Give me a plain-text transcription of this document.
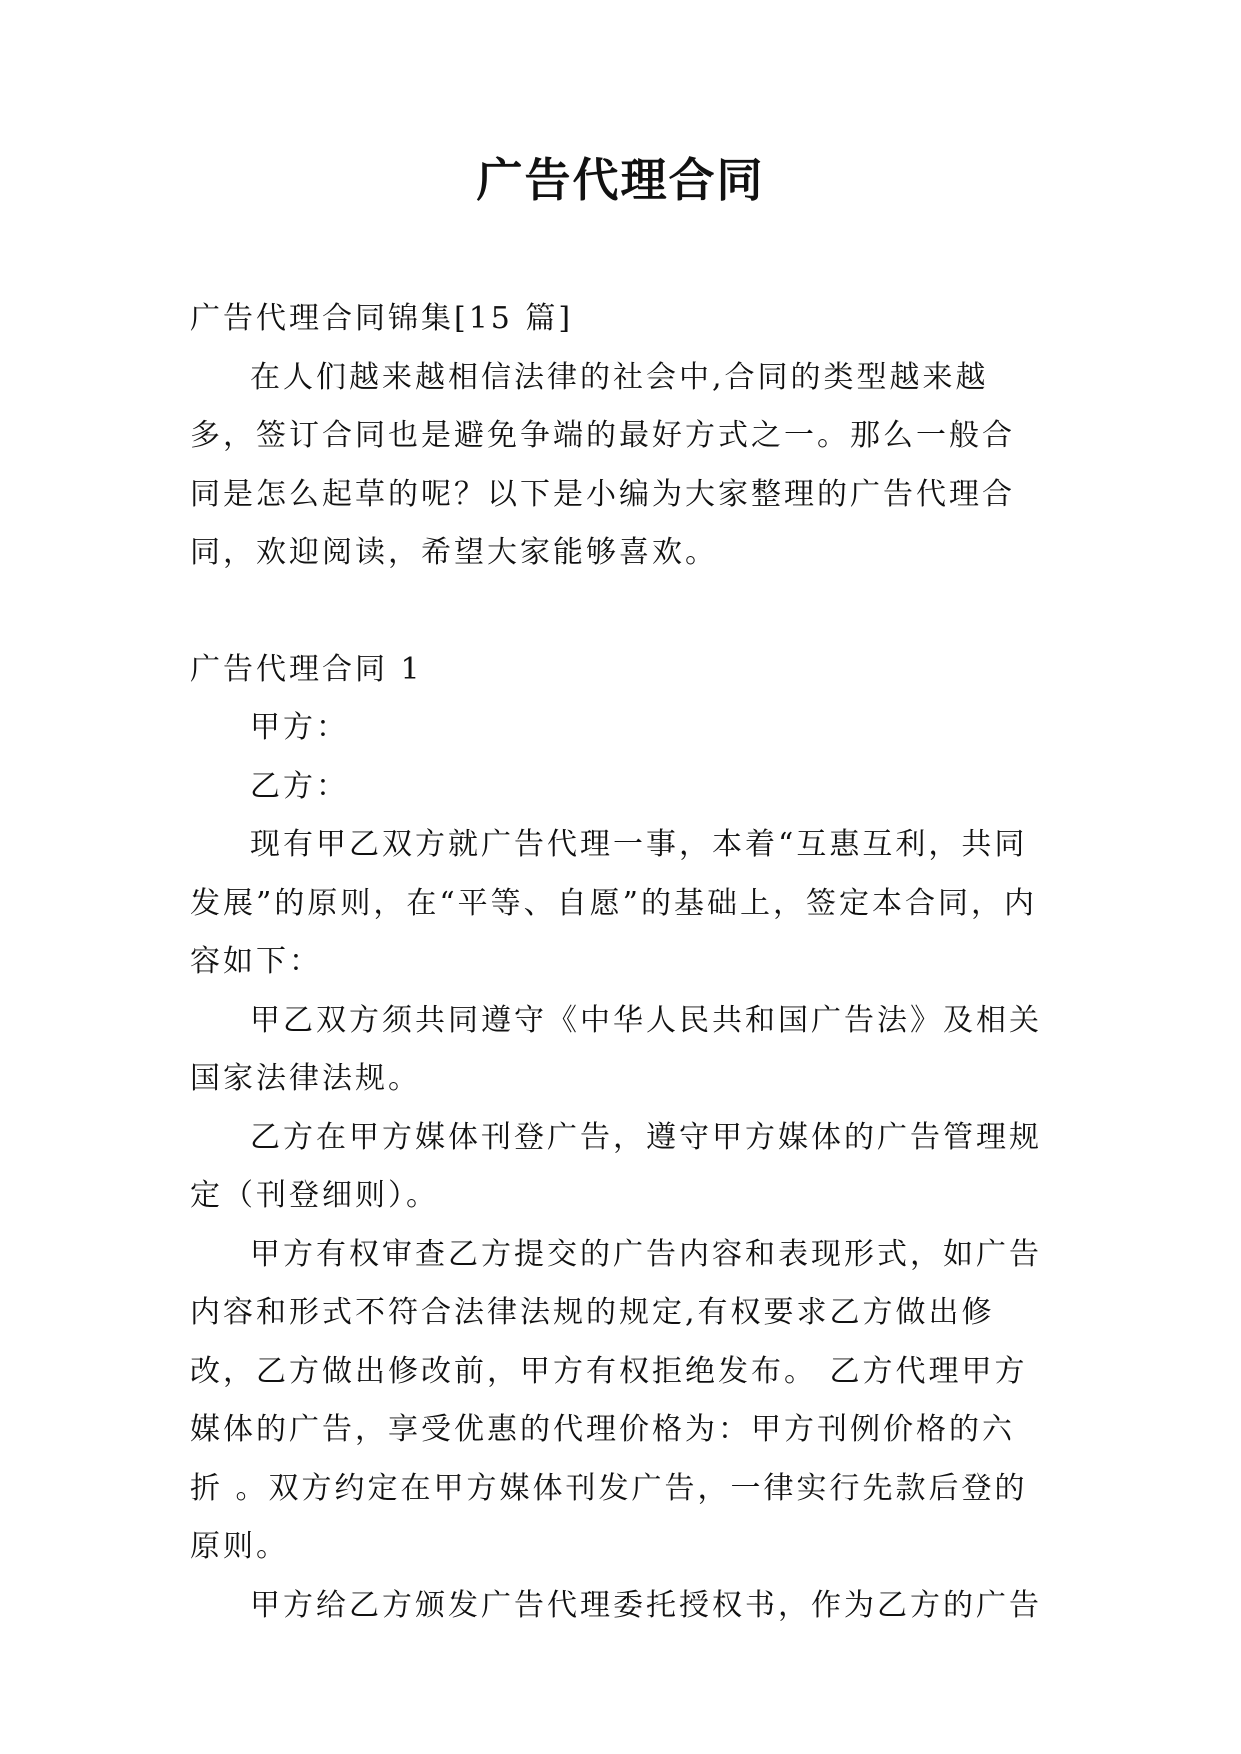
广告代理合同

广告代理合同锦集[15 篇]

在人们越来越相信法律的社会中,合同的类型越来越多，签订合同也是避免争端的最好方式之一。那么一般合同是怎么起草的呢？以下是小编为大家整理的广告代理合同，欢迎阅读，希望大家能够喜欢。

广告代理合同 1

甲方：

乙方：

现有甲乙双方就广告代理一事，本着“互惠互利，共同发展”的原则，在“平等、自愿”的基础上，签定本合同，内容如下：

甲乙双方须共同遵守《中华人民共和国广告法》及相关国家法律法规。

乙方在甲方媒体刊登广告，遵守甲方媒体的广告管理规定（刊登细则）。

甲方有权审查乙方提交的广告内容和表现形式，如广告内容和形式不符合法律法规的规定,有权要求乙方做出修改，乙方做出修改前，甲方有权拒绝发布。 乙方代理甲方媒体的广告，享受优惠的代理价格为：甲方刊例价格的六折 。双方约定在甲方媒体刊发广告，一律实行先款后登的原则。

甲方给乙方颁发广告代理委托授权书，作为乙方的广告
